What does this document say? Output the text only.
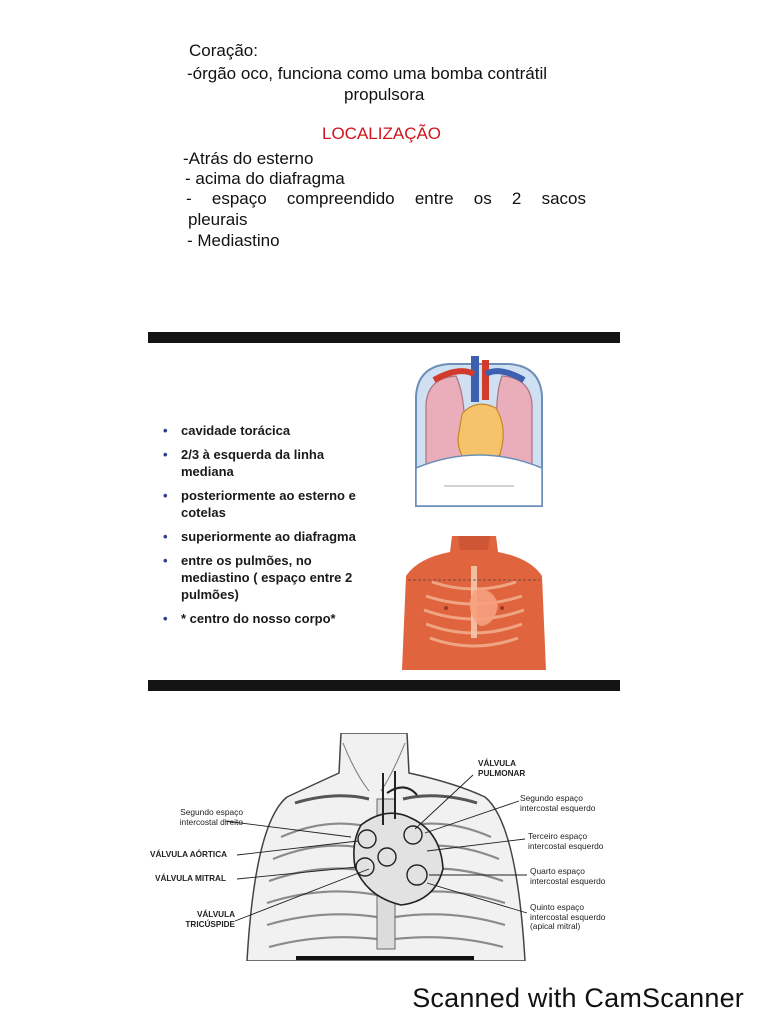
Coração:
-órgão oco, funciona como uma bomba contrátil
propulsora
LOCALIZAÇÃO
-Atrás do esterno
- acima do diafragma
- espaço compreendido entre os 2 sacos
pleurais
- Mediastino
• cavidade torácica
• 2/3 à esquerda da linha mediana
• posteriormente ao esterno e cotelas
• superiormente ao diafragma
• entre os pulmões, no mediastino ( espaço entre 2 pulmões)
• * centro do nosso corpo*
Segundo espaço intercostal direito
VÁLVULA AÓRTICA
VÁLVULA MITRAL
VÁLVULA TRICÚSPIDE
VÁLVULA PULMONAR
Segundo espaço intercostal esquerdo
Terceiro espaço intercostal esquerdo
Quarto espaço intercostal esquerdo
Quinto espaço intercostal esquerdo (apical mitral)
Scanned with CamScanner
